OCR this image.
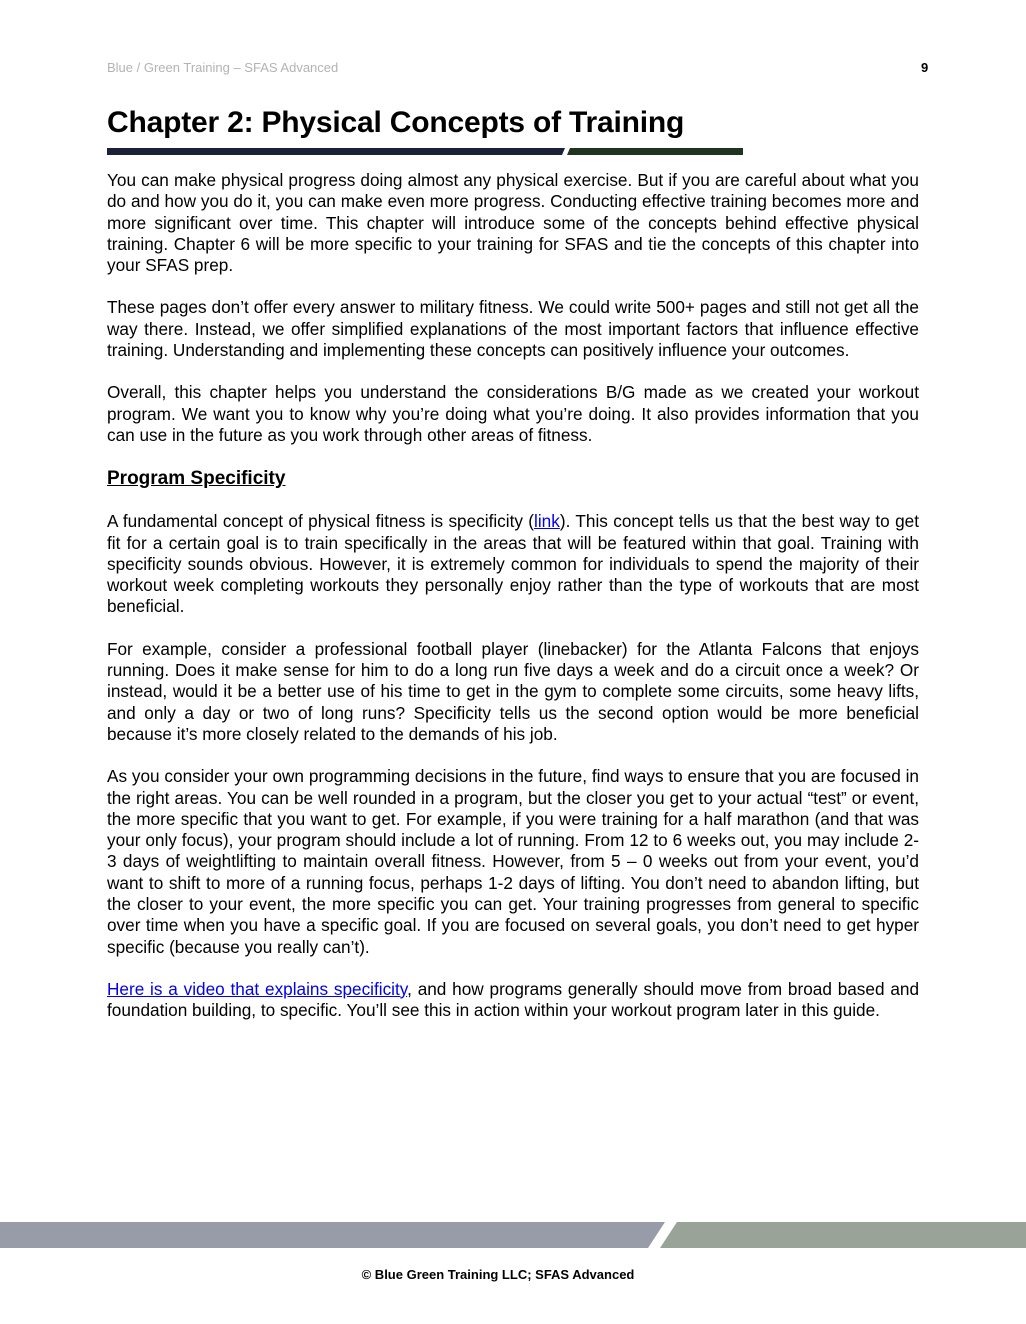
Blue / Green Training – SFAS Advanced	9
Chapter 2: Physical Concepts of Training

You can make physical progress doing almost any physical exercise. But if you are careful about what you do and how you do it, you can make even more progress. Conducting effective training becomes more and more significant over time. This chapter will introduce some of the concepts behind effective physical training. Chapter 6 will be more specific to your training for SFAS and tie the concepts of this chapter into your SFAS prep.

These pages don’t offer every answer to military fitness. We could write 500+ pages and still not get all the way there. Instead, we offer simplified explanations of the most important factors that influence effective training. Understanding and implementing these concepts can positively influence your outcomes.

Overall, this chapter helps you understand the considerations B/G made as we created your workout program. We want you to know why you’re doing what you’re doing. It also provides information that you can use in the future as you work through other areas of fitness.

Program Specificity

A fundamental concept of physical fitness is specificity (link). This concept tells us that the best way to get fit for a certain goal is to train specifically in the areas that will be featured within that goal. Training with specificity sounds obvious. However, it is extremely common for individuals to spend the majority of their workout week completing workouts they personally enjoy rather than the type of workouts that are most beneficial.

For example, consider a professional football player (linebacker) for the Atlanta Falcons that enjoys running. Does it make sense for him to do a long run five days a week and do a circuit once a week? Or instead, would it be a better use of his time to get in the gym to complete some circuits, some heavy lifts, and only a day or two of long runs? Specificity tells us the second option would be more beneficial because it’s more closely related to the demands of his job.

As you consider your own programming decisions in the future, find ways to ensure that you are focused in the right areas. You can be well rounded in a program, but the closer you get to your actual “test” or event, the more specific that you want to get. For example, if you were training for a half marathon (and that was your only focus), your program should include a lot of running. From 12 to 6 weeks out, you may include 2-3 days of weightlifting to maintain overall fitness. However, from 5 – 0 weeks out from your event, you’d want to shift to more of a running focus, perhaps 1-2 days of lifting. You don’t need to abandon lifting, but the closer to your event, the more specific you can get. Your training progresses from general to specific over time when you have a specific goal. If you are focused on several goals, you don’t need to get hyper specific (because you really can’t).

Here is a video that explains specificity, and how programs generally should move from broad based and foundation building, to specific. You’ll see this in action within your workout program later in this guide.

© Blue Green Training LLC; SFAS Advanced
